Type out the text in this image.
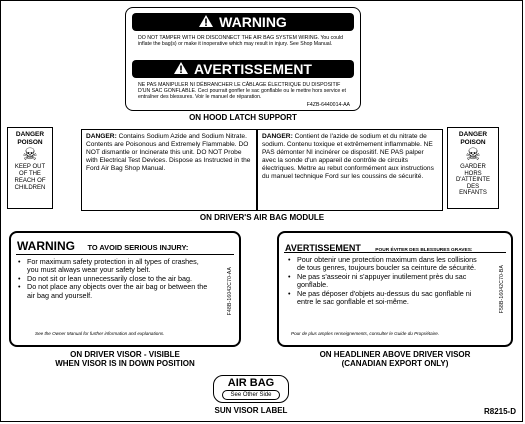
WARNING
DO NOT TAMPER WITH OR DISCONNECT THE AIR BAG SYSTEM WIRING. You could inflate the bag(s) or make it inoperative which may result in injury. See Shop Manual.
AVERTISSEMENT
NE PAS MANIPULER NI DÉBRANCHER LE CÂBLAGE ÉLECTRIQUE DU DISPOSITIF D'UN SAC GONFLABLE. Ceci pourrait gonfler le sac gonflable ou le mettre hors service et entraîner des blessures. Voir le manuel de réparation.
F4ZB-6440014-AA
ON HOOD LATCH SUPPORT
DANGER
POISON
☠
KEEP OUT
OF THE
REACH OF
CHILDREN
DANGER: Contains Sodium Azide and Sodium Nitrate. Contents are Poisonous and Extremely Flammable. DO NOT dismantle or Incinerate this unit. DO NOT Probe with Electrical Test Devices. Dispose as Instructed in the Ford Air Bag Shop Manual.
DANGER: Contient de l'azide de sodium et du nitrate de sodium. Contenu toxique et extrêmement inflammable. NE PAS démonter NI incinérer ce dispositif. NE PAS palper avec la sonde d'un appareil de contrôle de circuits électriques. Mettre au rebut conformément aux instructions du manuel technique Ford sur les coussins de sécurité.
DANGER
POISON
☠
GARDER
HORS
D'ATTEINTE
DES
ENFANTS
ON DRIVER'S AIR BAG MODULE
WARNING TO AVOID SERIOUS INJURY:
• For maximum safety protection in all types of crashes, you must always wear your safety belt.
• Do not sit or lean unnecessarily close to the air bag.
• Do not place any objects over the air bag or between the air bag and yourself.
See the Owner Manual for further information and explanations.
F48B-16042C70-AA
ON DRIVER VISOR - VISIBLE
WHEN VISOR IS IN DOWN POSITION
AVERTISSEMENT	POUR ÉVITER DES BLESSURES GRAVES:
• Pour obtenir une protection maximum dans les collisions de tous genres, toujours boucler sa ceinture de sécurité.
• Ne pas s'asseoir ni s'appuyer inutilement près du sac gonflable.
• Ne pas déposer d'objets au-dessus du sac gonflable ni entre le sac gonflable et soi-même.
Pour de plus amples renseignements, consulter le Guide du Propriétaire.
F58B-16042C70-BA
ON HEADLINER ABOVE DRIVER VISOR
(CANADIAN EXPORT ONLY)
AIR BAG
See Other Side
SUN VISOR LABEL	R8215-D
